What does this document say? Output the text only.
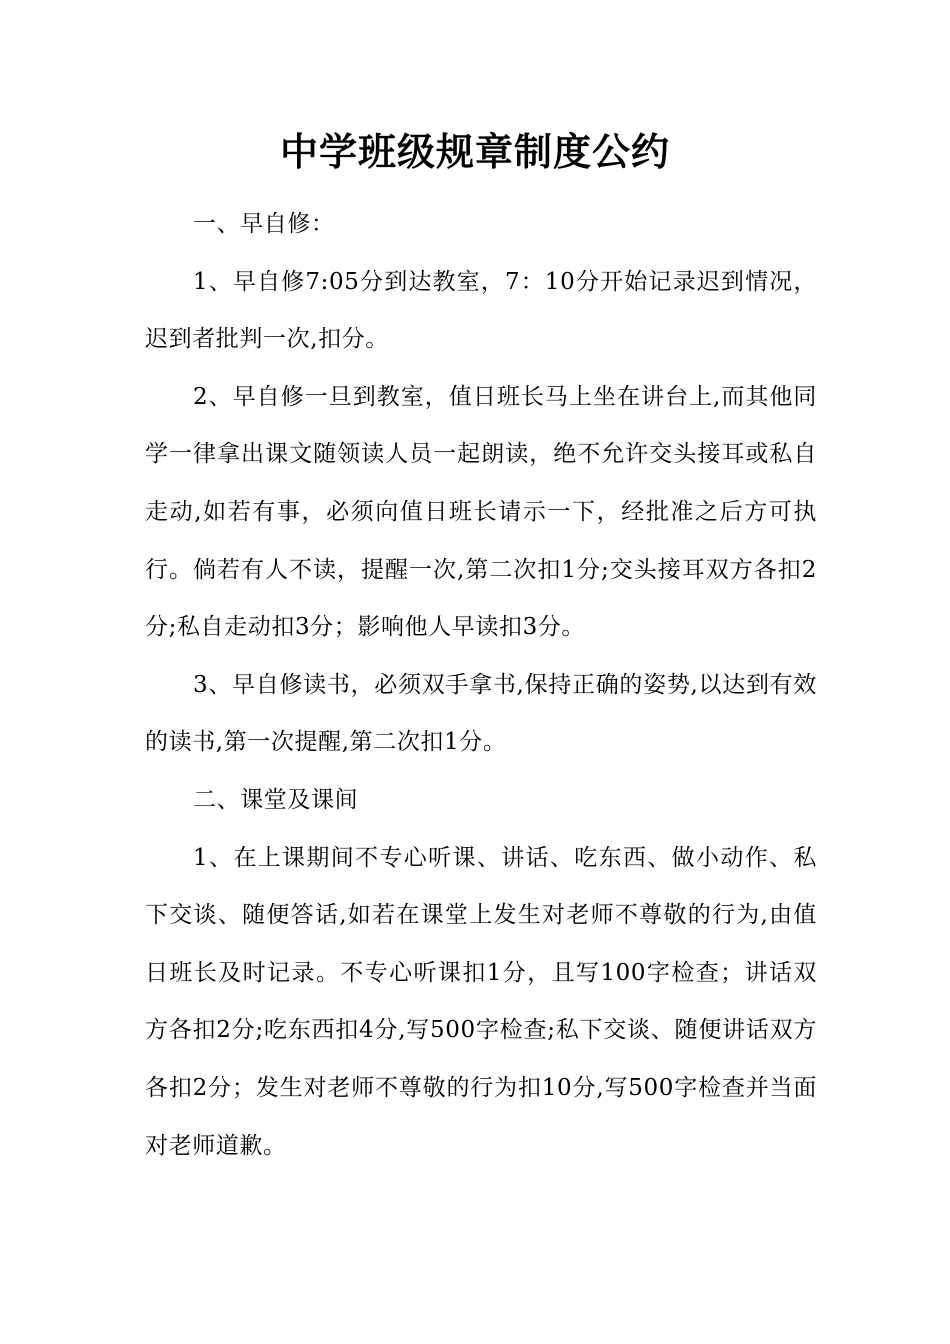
中学班级规章制度公约

一、早自修：

1、早自修7:05分到达教室，7：10分开始记录迟到情况，迟到者批判一次,扣分。

2、早自修一旦到教室，值日班长马上坐在讲台上,而其他同学一律拿出课文随领读人员一起朗读，绝不允许交头接耳或私自走动,如若有事，必须向值日班长请示一下，经批准之后方可执行。倘若有人不读，提醒一次,第二次扣1分;交头接耳双方各扣2分;私自走动扣3分；影响他人早读扣3分。

3、早自修读书，必须双手拿书,保持正确的姿势,以达到有效的读书,第一次提醒,第二次扣1分。

二、课堂及课间

1、在上课期间不专心听课、讲话、吃东西、做小动作、私下交谈、随便答话,如若在课堂上发生对老师不尊敬的行为,由值日班长及时记录。不专心听课扣1分，且写100字检查；讲话双方各扣2分;吃东西扣4分,写500字检查;私下交谈、随便讲话双方各扣2分；发生对老师不尊敬的行为扣10分,写500字检查并当面对老师道歉。
